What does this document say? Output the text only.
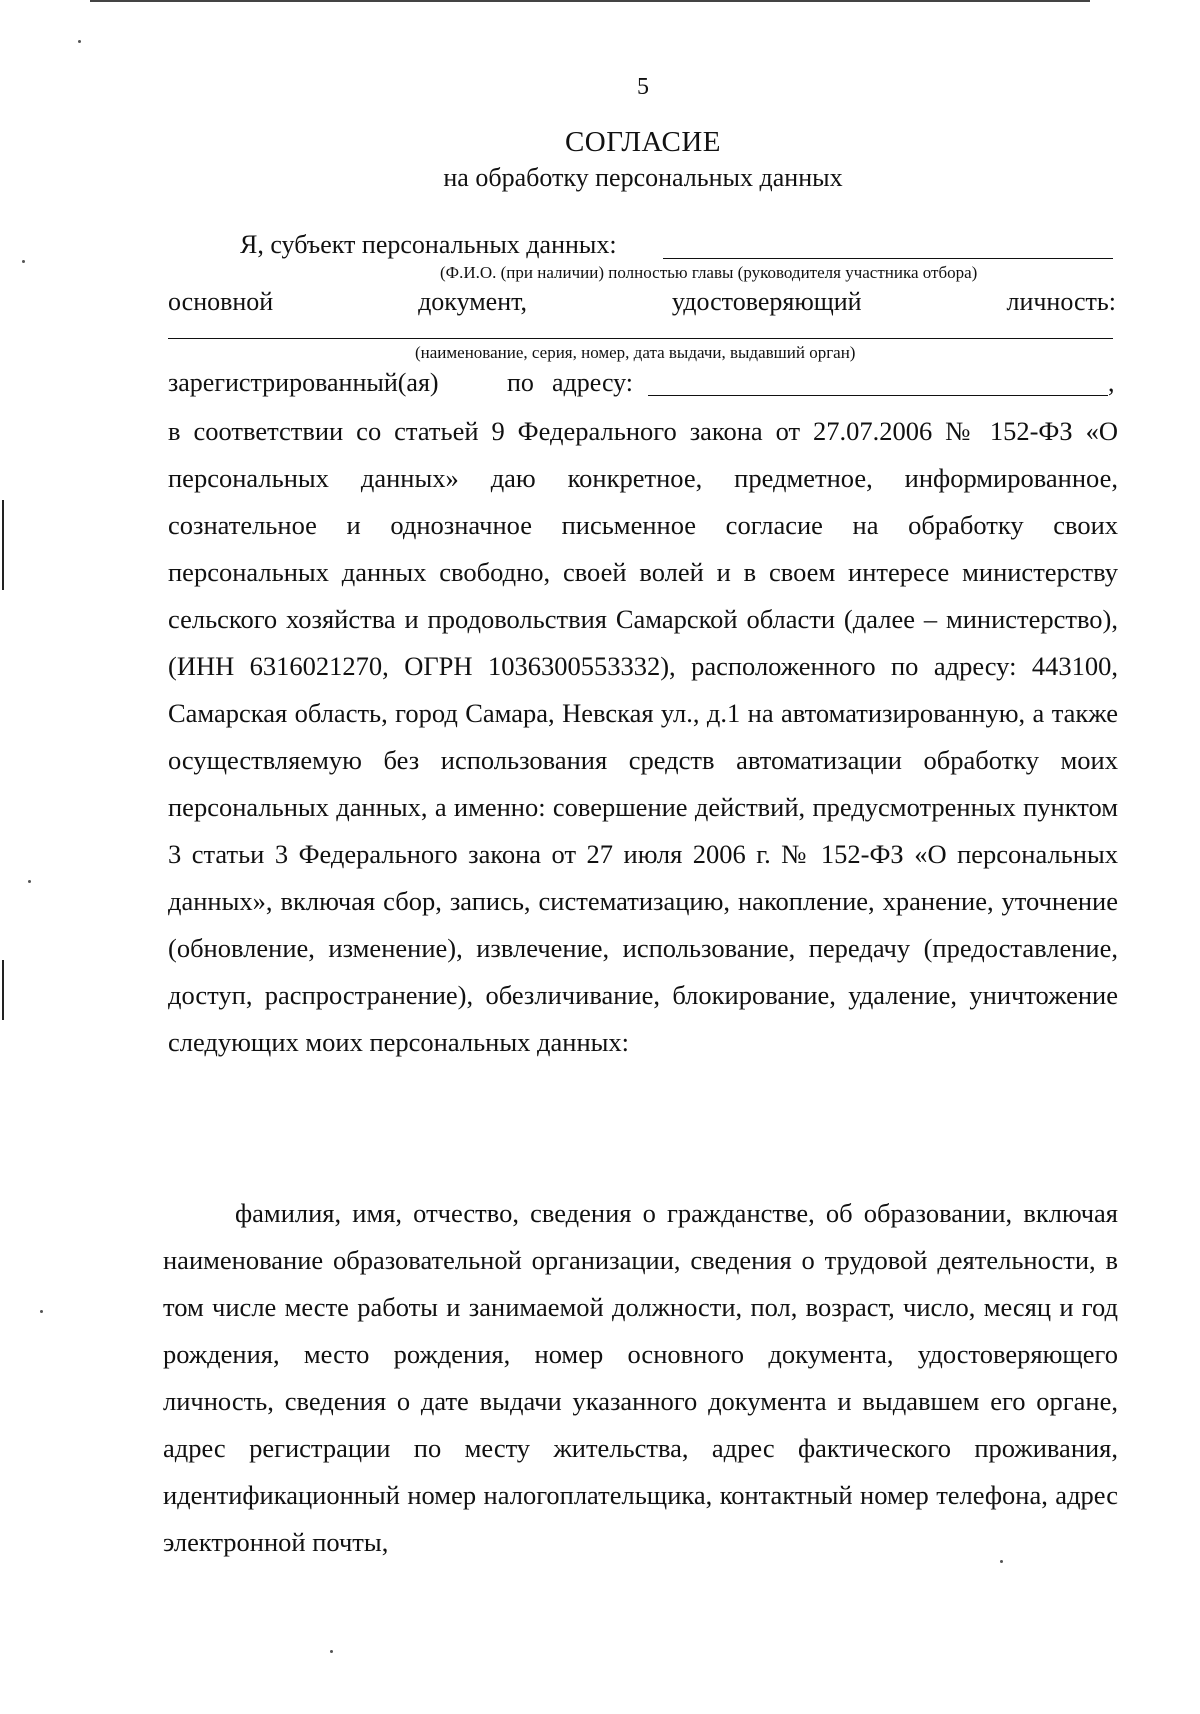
5
СОГЛАСИЕ
на обработку персональных данных
Я, субъект персональных данных:
(Ф.И.О. (при наличии) полностью главы (руководителя участника отбора)
основной	документ,	удостоверяющий	личность:
(наименование, серия, номер, дата выдачи, выдавший орган)
зарегистрированный(ая)	по адресу:	,

в соответствии со статьей 9 Федерального закона от 27.07.2006 № 152-ФЗ «О персональных данных» даю конкретное, предметное, информированное, сознательное и однозначное письменное согласие на обработку своих персональных данных свободно, своей волей и в своем интересе министерству сельского хозяйства и продовольствия Самарской области (далее – министерство), (ИНН 6316021270, ОГРН 1036300553332), расположенного по адресу: 443100, Самарская область, город Самара, Невская ул., д.1 на автоматизированную, а также осуществляемую без использования средств автоматизации обработку моих персональных данных, а именно: совершение действий, предусмотренных пунктом 3 статьи 3 Федерального закона от 27 июля 2006 г. № 152-ФЗ «О персональных данных», включая сбор, запись, систематизацию, накопление, хранение, уточнение (обновление, изменение), извлечение, использование, передачу (предоставление, доступ, распространение), обезличивание, блокирование, удаление, уничтожение следующих моих персональных данных:

фамилия, имя, отчество, сведения о гражданстве, об образовании, включая наименование образовательной организации, сведения о трудовой деятельности, в том числе месте работы и занимаемой должности, пол, возраст, число, месяц и год рождения, место рождения, номер основного документа, удостоверяющего личность, сведения о дате выдачи указанного документа и выдавшем его органе, адрес регистрации по месту жительства, адрес фактического проживания, идентификационный номер налогоплательщика, контактный номер телефона, адрес электронной почты,
